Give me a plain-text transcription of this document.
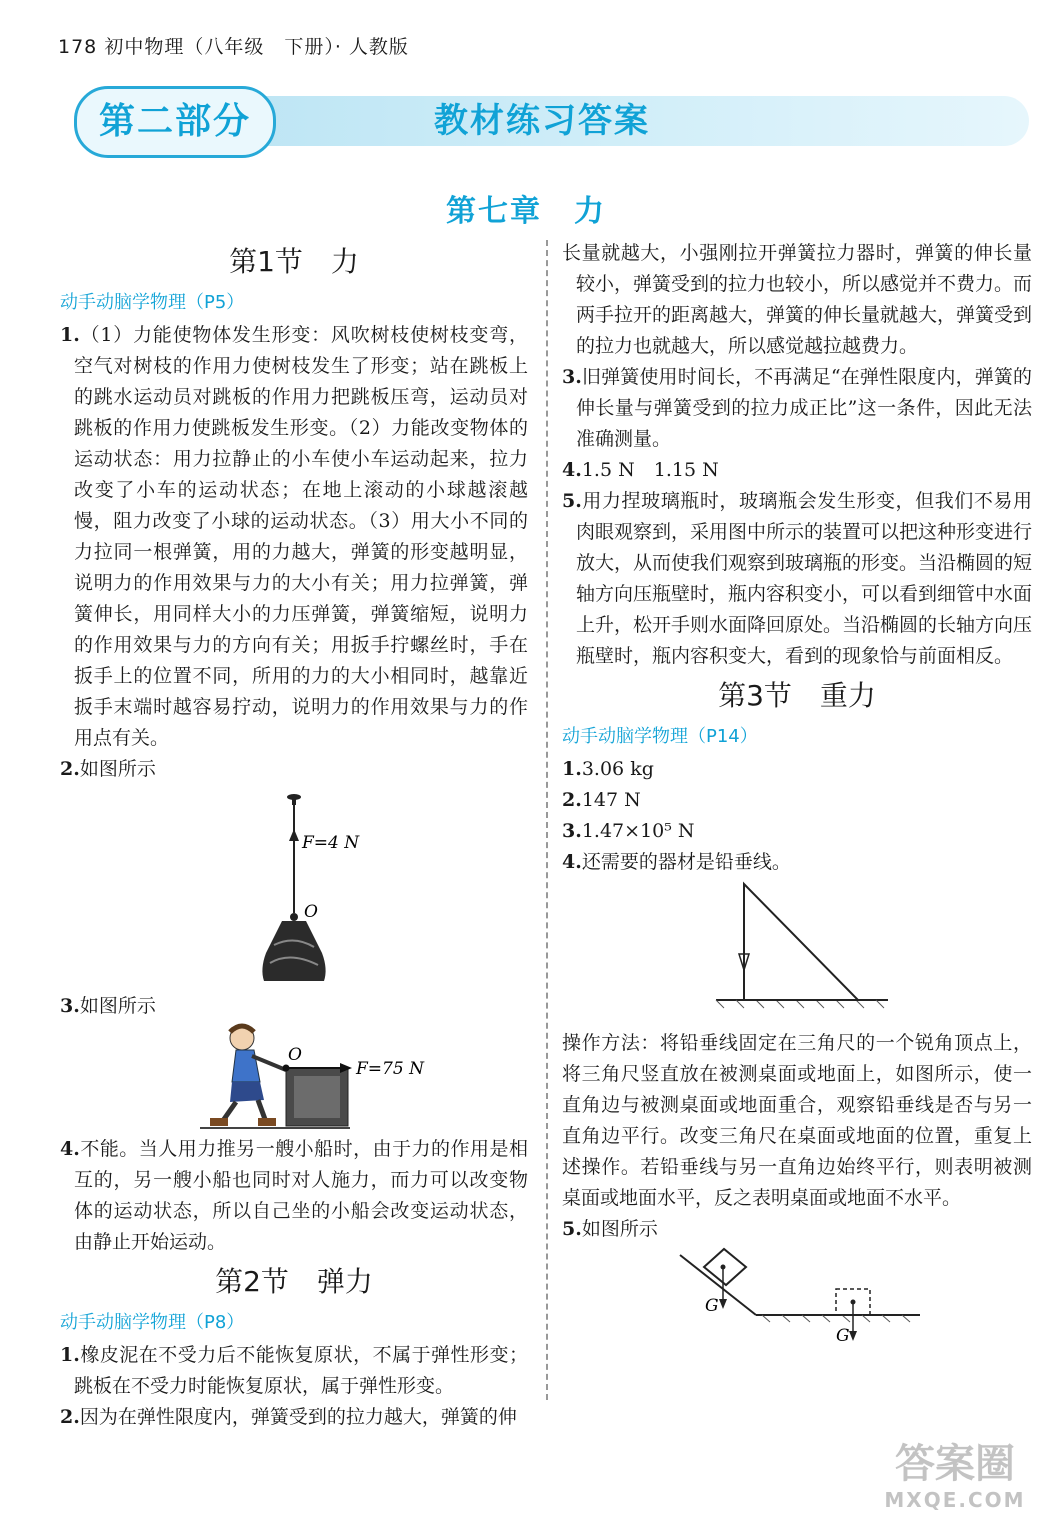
178 初中物理（八年级　下册）· 人教版
第二部分	教材练习答案
第七章　力
第1节　力
动手动脑学物理（P5）

1.（1）力能使物体发生形变：风吹树枝使树枝变弯，空气对树枝的作用力使树枝发生了形变；站在跳板上的跳水运动员对跳板的作用力把跳板压弯，运动员对跳板的作用力使跳板发生形变。（2）力能改变物体的运动状态：用力拉静止的小车使小车运动起来，拉力改变了小车的运动状态；在地上滚动的小球越滚越慢，阻力改变了小球的运动状态。（3）用大小不同的力拉同一根弹簧，用的力越大，弹簧的形变越明显，说明力的作用效果与力的大小有关；用力拉弹簧，弹簧伸长，用同样大小的力压弹簧，弹簧缩短，说明力的作用效果与力的方向有关；用扳手拧螺丝时，手在扳手上的位置不同，所用的力的大小相同时，越靠近扳手末端时越容易拧动，说明力的作用效果与力的作用点有关。

2.如图所示

F=4 N
O

3.如图所示

O
F=75 N

4.不能。当人用力推另一艘小船时，由于力的作用是相互的，另一艘小船也同时对人施力，而力可以改变物体的运动状态，所以自己坐的小船会改变运动状态，由静止开始运动。

第2节　弹力
动手动脑学物理（P8）

1.橡皮泥在不受力后不能恢复原状，不属于弹性形变；跳板在不受力时能恢复原状，属于弹性形变。

2.因为在弹性限度内，弹簧受到的拉力越大，弹簧的伸

长量就越大，小强刚拉开弹簧拉力器时，弹簧的伸长量较小，弹簧受到的拉力也较小，所以感觉并不费力。而两手拉开的距离越大，弹簧的伸长量就越大，弹簧受到的拉力也就越大，所以感觉越拉越费力。

3.旧弹簧使用时间长，不再满足“在弹性限度内，弹簧的伸长量与弹簧受到的拉力成正比”这一条件，因此无法准确测量。

4.1.5 N　1.15 N

5.用力捏玻璃瓶时，玻璃瓶会发生形变，但我们不易用肉眼观察到，采用图中所示的装置可以把这种形变进行放大，从而使我们观察到玻璃瓶的形变。当沿椭圆的短轴方向压瓶壁时，瓶内容积变小，可以看到细管中水面上升，松开手则水面降回原处。当沿椭圆的长轴方向压瓶壁时，瓶内容积变大，看到的现象恰与前面相反。

第3节　重力
动手动脑学物理（P14）

1.3.06 kg

2.147 N

3.1.47×10⁵ N

4.还需要的器材是铅垂线。

操作方法：将铅垂线固定在三角尺的一个锐角顶点上，将三角尺竖直放在被测桌面或地面上，如图所示，使一直角边与被测桌面或地面重合，观察铅垂线是否与另一直角边平行。改变三角尺在桌面或地面的位置，重复上述操作。若铅垂线与另一直角边始终平行，则表明被测桌面或地面水平，反之表明桌面或地面不水平。

5.如图所示

G
G
答案圈
MXQE.COM
